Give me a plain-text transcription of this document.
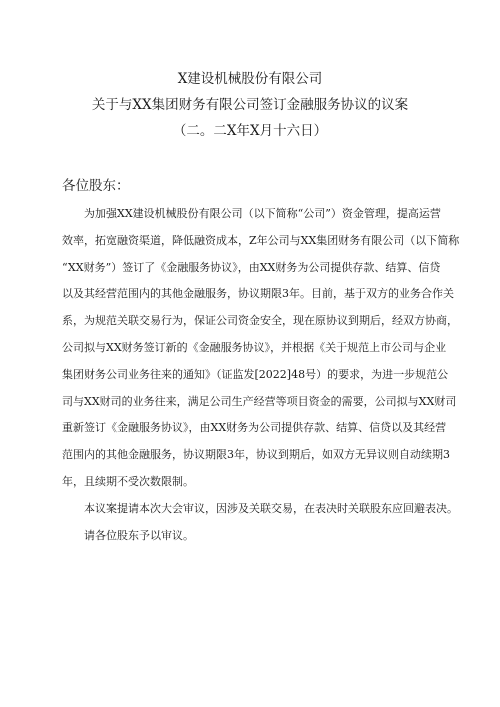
X建设机械股份有限公司
关于与XX集团财务有限公司签订金融服务协议的议案
（二。二X年X月十六日）
各位股东：
　　为加强XX建设机械股份有限公司（以下简称“公司”）资金管理，提高运营
效率，拓宽融资渠道，降低融资成本，Z年公司与XX集团财务有限公司（以下简称
“XX财务”）签订了《金融服务协议》，由XX财务为公司提供存款、结算、信贷
以及其经营范围内的其他金融服务，协议期限3年。目前，基于双方的业务合作关
系，为规范关联交易行为，保证公司资金安全，现在原协议到期后，经双方协商，
公司拟与XX财务签订新的《金融服务协议》，并根据《关于规范上市公司与企业
集团财务公司业务往来的通知》（证监发[2022]48号）的要求，为进一步规范公
司与XX财司的业务往来，满足公司生产经营等项目资金的需要，公司拟与XX财司
重新签订《金融服务协议》，由XX财务为公司提供存款、结算、信贷以及其经营
范围内的其他金融服务，协议期限3年，协议到期后，如双方无异议则自动续期3
年，且续期不受次数限制。
　　本议案提请本次大会审议，因涉及关联交易，在表决时关联股东应回避表决。
　　请各位股东予以审议。
